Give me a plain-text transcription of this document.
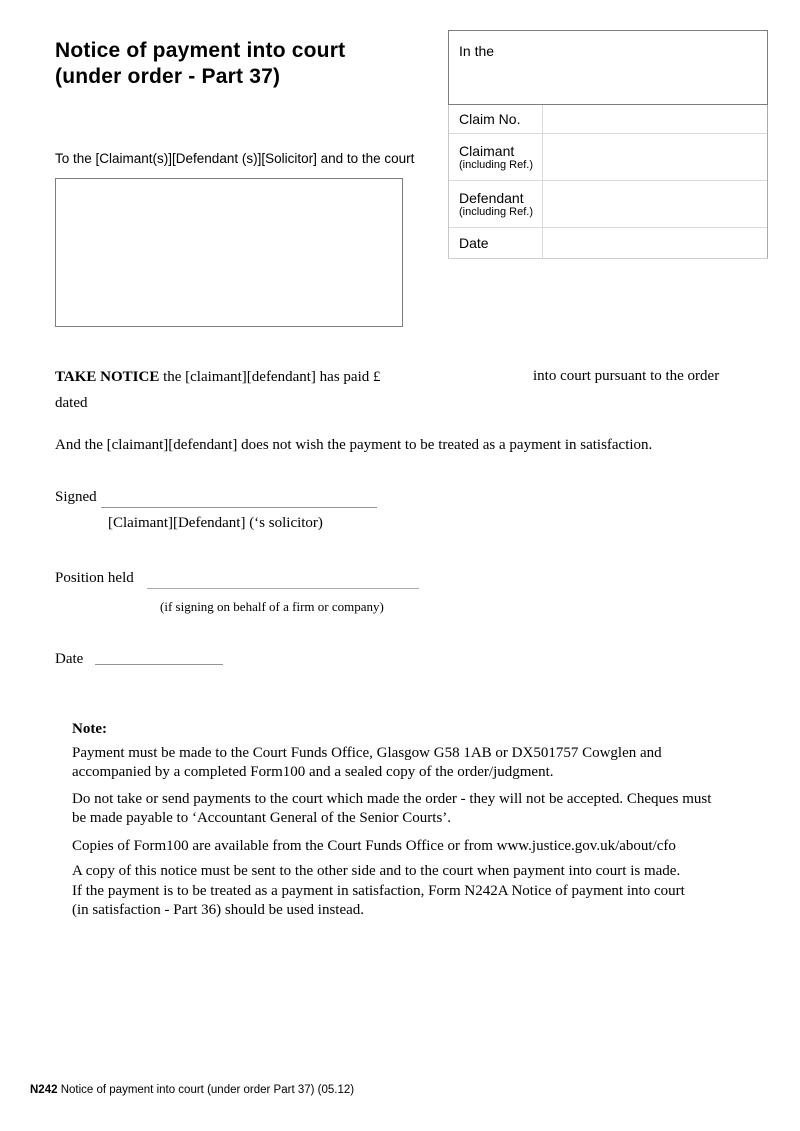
Notice of payment into court
(under order - Part 37)
In the
Claim No.
Claimant
(including Ref.)
Defendant
(including Ref.)
Date
To the [Claimant(s)][Defendant (s)][Solicitor] and to the court
TAKE NOTICE the [claimant][defendant] has paid £	into court pursuant to the order
dated
And the [claimant][defendant] does not wish the payment to be treated as a payment in satisfaction.
Signed
[Claimant][Defendant] (‘s solicitor)
Position held
(if signing on behalf of a firm or company)
Date
Note:
Payment must be made to the Court Funds Office, Glasgow G58 1AB or DX501757 Cowglen and
accompanied by a completed Form100 and a sealed copy of the order/judgment.
Do not take or send payments to the court which made the order - they will not be accepted. Cheques must
be made payable to ‘Accountant General of the Senior Courts’.
Copies of Form100 are available from the Court Funds Office or from www.justice.gov.uk/about/cfo
A copy of this notice must be sent to the other side and to the court when payment into court is made.
If the payment is to be treated as a payment in satisfaction, Form N242A Notice of payment into court
(in satisfaction - Part 36) should be used instead.
N242 Notice of payment into court (under order Part 37) (05.12)
